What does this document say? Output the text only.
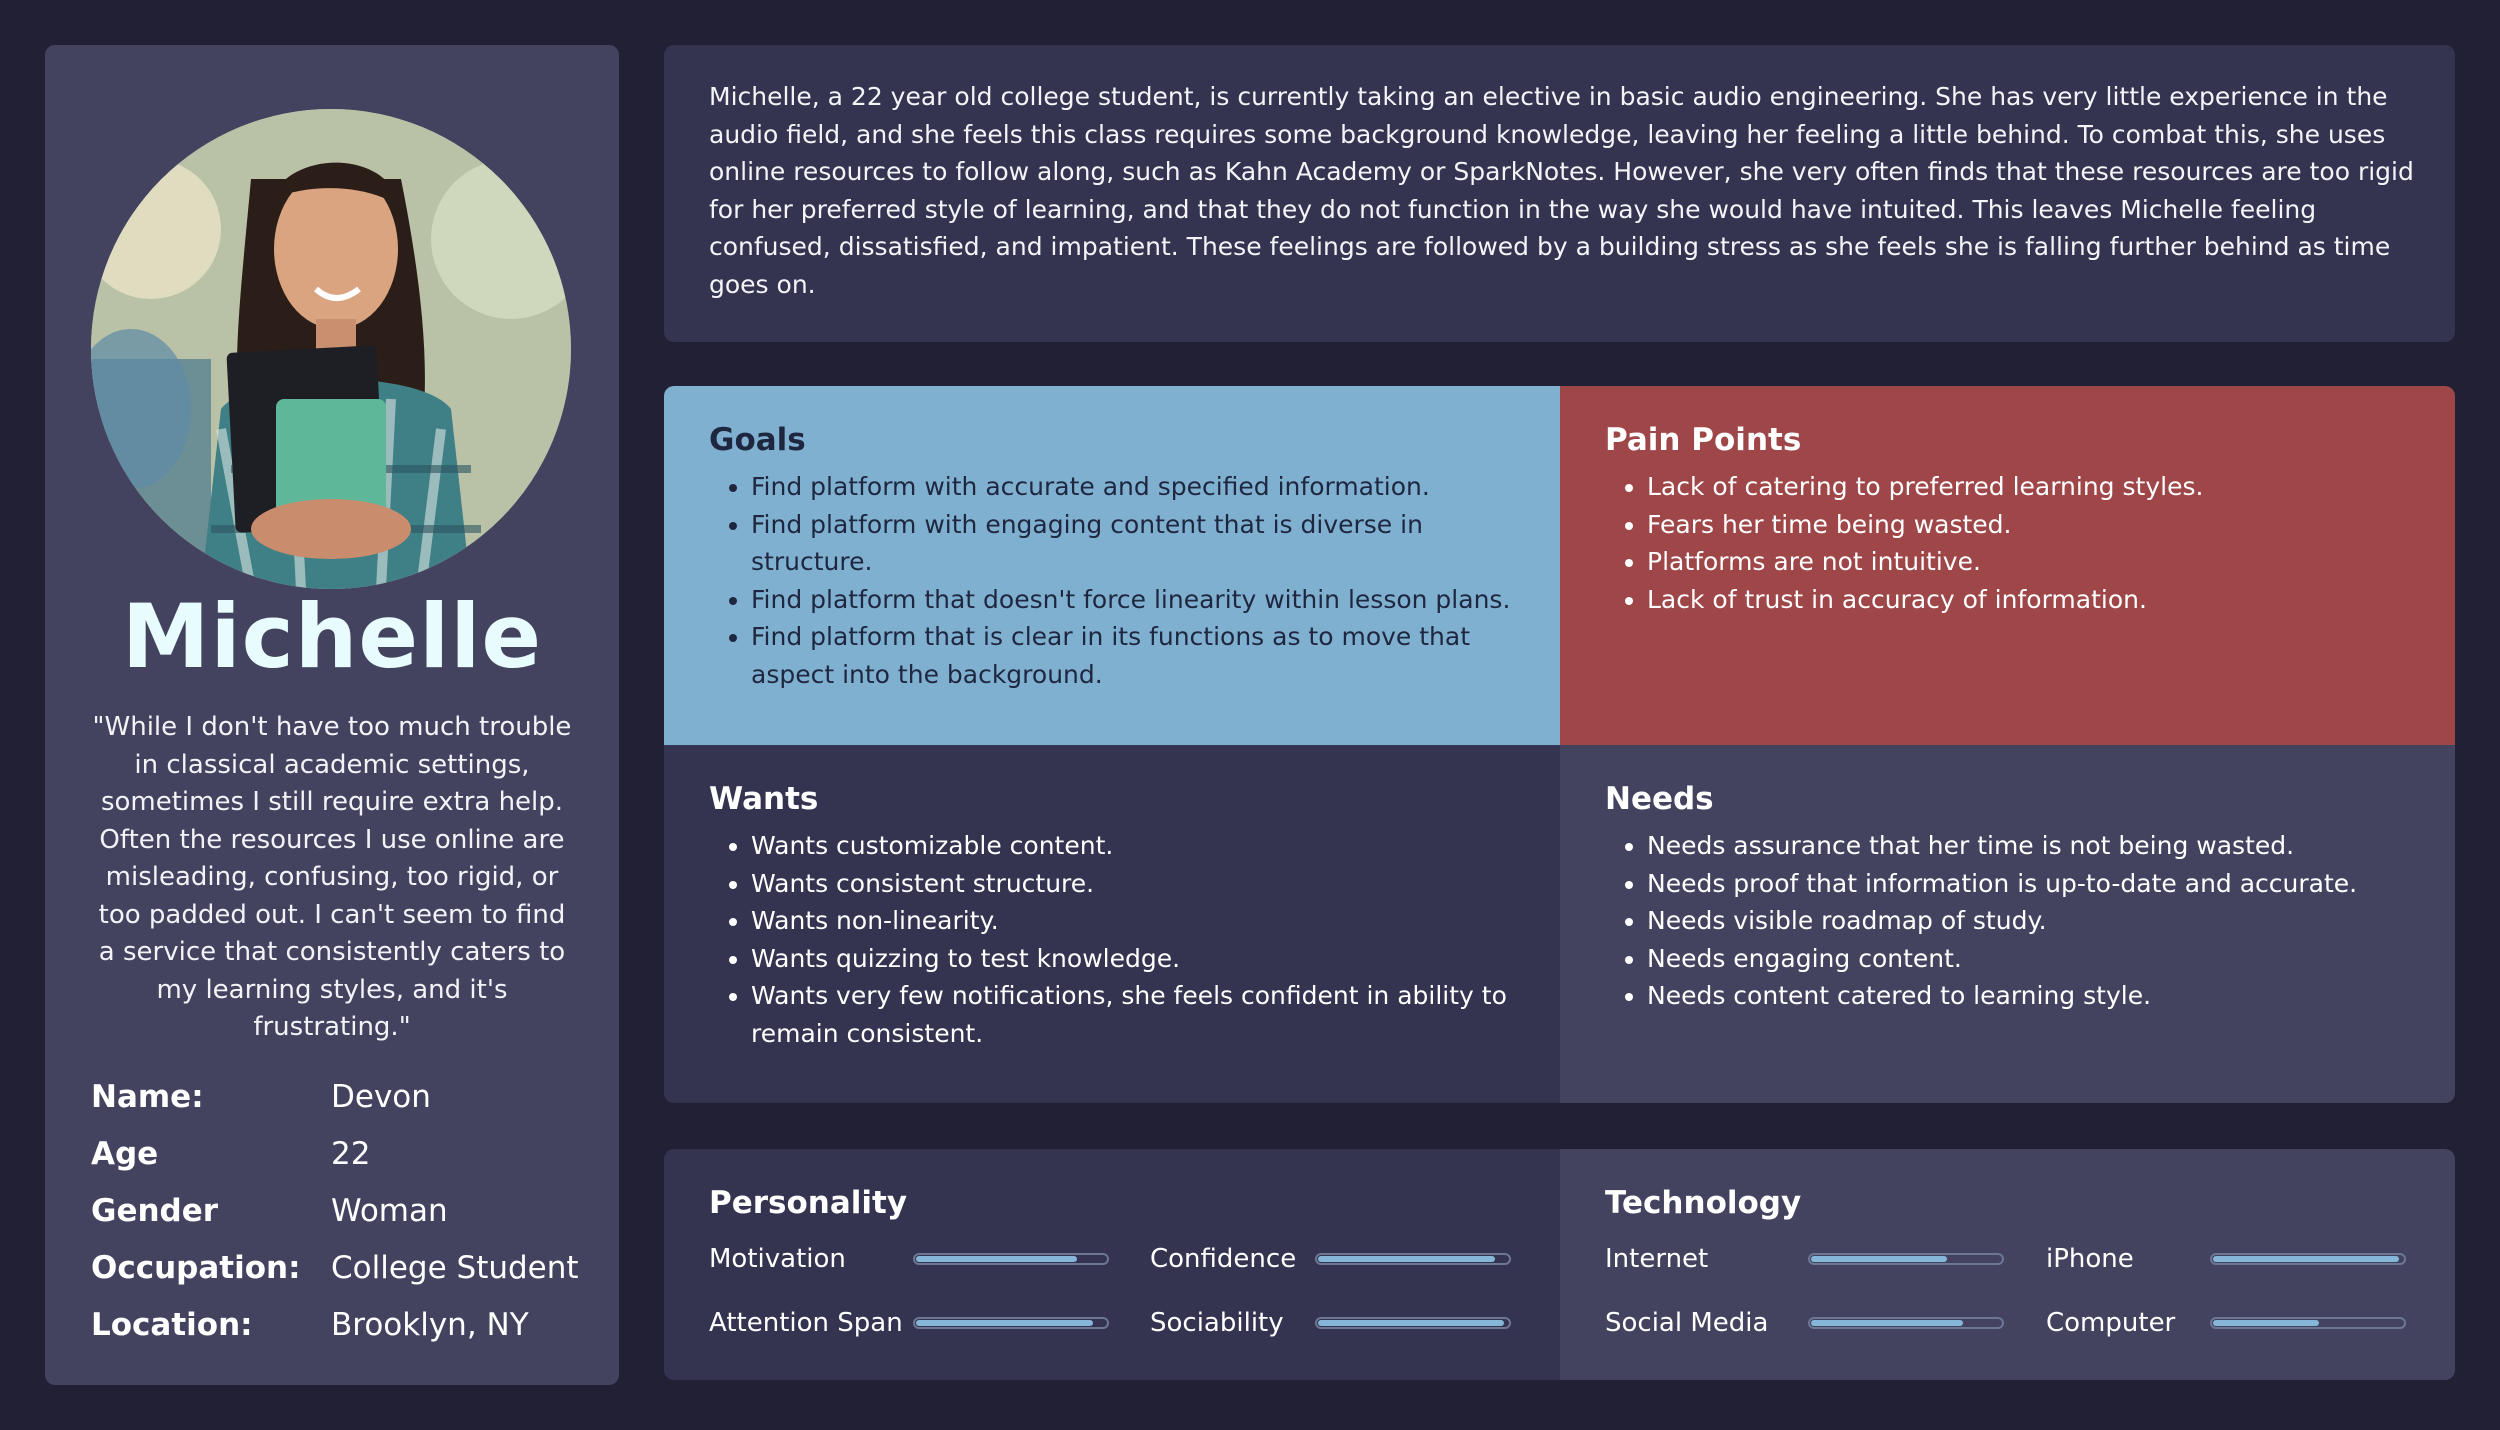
Michelle
"While I don't have too much trouble in classical academic settings, sometimes I still require extra help. Often the resources I use online are misleading, confusing, too rigid, or too padded out. I can't seem to find a service that consistently caters to my learning styles, and it's frustrating."
Name:	Devon
Age	22
Gender	Woman
Occupation: College Student
Location:	Brooklyn, NY
Michelle, a 22 year old college student, is currently taking an elective in basic audio engineering. She has very little experience in the audio field, and she feels this class requires some background knowledge, leaving her feeling a little behind. To combat this, she uses online resources to follow along, such as Kahn Academy or SparkNotes. However, she very often finds that these resources are too rigid for her preferred style of learning, and that they do not function in the way she would have intuited. This leaves Michelle feeling confused, dissatisfied, and impatient. These feelings are followed by a building stress as she feels she is falling further behind as time goes on.
Goals
• Find platform with accurate and specified information.
• Find platform with engaging content that is diverse in structure.
• Find platform that doesn't force linearity within lesson plans.
• Find platform that is clear in its functions as to move that aspect into the background.
Pain Points
• Lack of catering to preferred learning styles.
• Fears her time being wasted.
• Platforms are not intuitive.
• Lack of trust in accuracy of information.
Wants
• Wants customizable content.
• Wants consistent structure.
• Wants non-linearity.
• Wants quizzing to test knowledge.
• Wants very few notifications, she feels confident in ability to remain consistent.
Needs
• Needs assurance that her time is not being wasted.
• Needs proof that information is up-to-date and accurate.
• Needs visible roadmap of study.
• Needs engaging content.
• Needs content catered to learning style.
Personality
Motivation	Confidence
Attention Span	Sociability
Technology
Internet	iPhone
Social Media	Computer
